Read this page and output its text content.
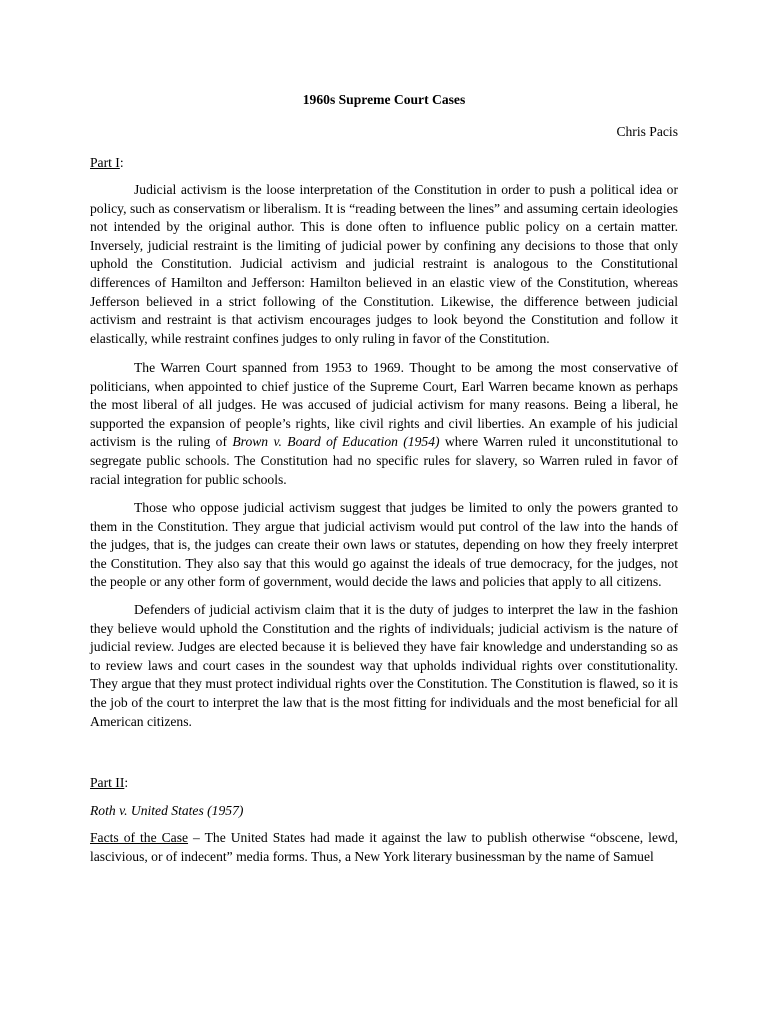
1960s Supreme Court Cases
Chris Pacis
Part I:

Judicial activism is the loose interpretation of the Constitution in order to push a political idea or policy, such as conservatism or liberalism. It is “reading between the lines” and assuming certain ideologies not intended by the original author. This is done often to influence public policy on a certain matter. Inversely, judicial restraint is the limiting of judicial power by confining any decisions to those that only uphold the Constitution. Judicial activism and judicial restraint is analogous to the Constitutional differences of Hamilton and Jefferson: Hamilton believed in an elastic view of the Constitution, whereas Jefferson believed in a strict following of the Constitution. Likewise, the difference between judicial activism and restraint is that activism encourages judges to look beyond the Constitution and follow it elastically, while restraint confines judges to only ruling in favor of the Constitution.

The Warren Court spanned from 1953 to 1969. Thought to be among the most conservative of politicians, when appointed to chief justice of the Supreme Court, Earl Warren became known as perhaps the most liberal of all judges. He was accused of judicial activism for many reasons. Being a liberal, he supported the expansion of people’s rights, like civil rights and civil liberties. An example of his judicial activism is the ruling of Brown v. Board of Education (1954) where Warren ruled it unconstitutional to segregate public schools. The Constitution had no specific rules for slavery, so Warren ruled in favor of racial integration for public schools.

Those who oppose judicial activism suggest that judges be limited to only the powers granted to them in the Constitution. They argue that judicial activism would put control of the law into the hands of the judges, that is, the judges can create their own laws or statutes, depending on how they freely interpret the Constitution. They also say that this would go against the ideals of true democracy, for the judges, not the people or any other form of government, would decide the laws and policies that apply to all citizens.

Defenders of judicial activism claim that it is the duty of judges to interpret the law in the fashion they believe would uphold the Constitution and the rights of individuals; judicial activism is the nature of judicial review. Judges are elected because it is believed they have fair knowledge and understanding so as to review laws and court cases in the soundest way that upholds individual rights over constitutionality. They argue that they must protect individual rights over the Constitution. The Constitution is flawed, so it is the job of the court to interpret the law that is the most fitting for individuals and the most beneficial for all American citizens.

Part II:
Roth v. United States (1957)

Facts of the Case – The United States had made it against the law to publish otherwise “obscene, lewd, lascivious, or of indecent” media forms. Thus, a New York literary businessman by the name of Samuel
